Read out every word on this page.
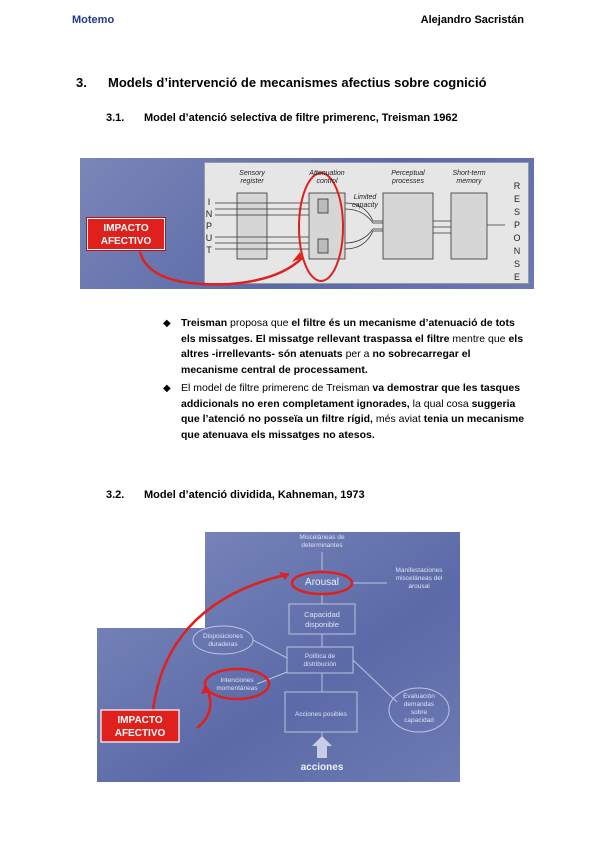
Motemo	Alejandro Sacristán
3. Models d’intervenció de mecanismes afectius sobre cognició
3.1. Model d’atenció selectiva de filtre primerenc, Treisman 1962
Sensory
register
Attenuation
control
Perceptual
processes
Short-term
memory
Limited
capacity
I
N
P
U
T
R
E
S
P
O
N
S
E
IMPACTO
AFECTIVO
◆ Treisman proposa que el filtre és un mecanisme d’atenuació de tots els missatges. El missatge rellevant traspassa el filtre mentre que els altres -irrellevants- són atenuats per a no sobrecarregar el mecanisme central de processament.
◆ El model de filtre primerenc de Treisman va demostrar que les tasques addicionals no eren completament ignorades, la qual cosa suggeria que l’atenció no posseïa un filtre rígid, més aviat tenia un mecanisme que atenuava els missatges no atesos.
3.2. Model d’atenció dividida, Kahneman, 1973
Misceláneas de
determinantes
Manifestaciones
misceláneas del
arousal
Capacidad
disponible
Disposiciones
duraderas
Política de
distribución
Intenciones
momentáneas
Evaluación
demandas
sobre
capacidad
Acciones posibles
Arousal
acciones
IMPACTO
AFECTIVO
